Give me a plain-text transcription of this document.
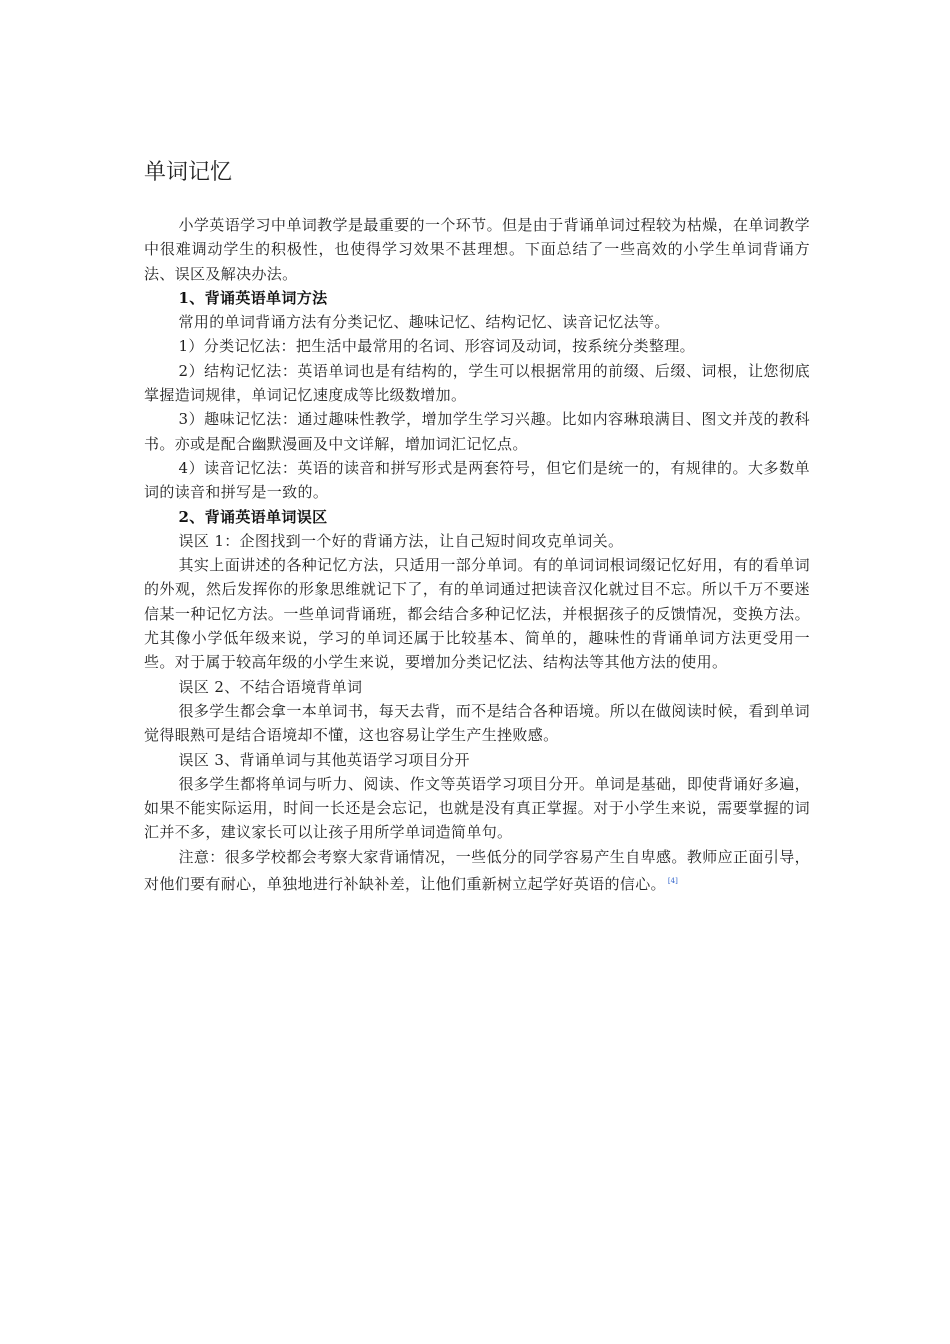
单词记忆

小学英语学习中单词教学是最重要的一个环节。但是由于背诵单词过程较为枯燥，在单词教学中很难调动学生的积极性，也使得学习效果不甚理想。下面总结了一些高效的小学生单词背诵方法、误区及解决办法。

1、背诵英语单词方法

常用的单词背诵方法有分类记忆、趣味记忆、结构记忆、读音记忆法等。

1）分类记忆法：把生活中最常用的名词、形容词及动词，按系统分类整理。

2）结构记忆法：英语单词也是有结构的，学生可以根据常用的前缀、后缀、词根，让您彻底掌握造词规律，单词记忆速度成等比级数增加。

3）趣味记忆法：通过趣味性教学，增加学生学习兴趣。比如内容琳琅满目、图文并茂的教科书。亦或是配合幽默漫画及中文详解，增加词汇记忆点。

4）读音记忆法：英语的读音和拼写形式是两套符号，但它们是统一的，有规律的。大多数单词的读音和拼写是一致的。

2、背诵英语单词误区

误区 1：企图找到一个好的背诵方法，让自己短时间攻克单词关。

其实上面讲述的各种记忆方法，只适用一部分单词。有的单词词根词缀记忆好用，有的看单词的外观，然后发挥你的形象思维就记下了，有的单词通过把读音汉化就过目不忘。所以千万不要迷信某一种记忆方法。一些单词背诵班，都会结合多种记忆法，并根据孩子的反馈情况，变换方法。尤其像小学低年级来说，学习的单词还属于比较基本、简单的，趣味性的背诵单词方法更受用一些。对于属于较高年级的小学生来说，要增加分类记忆法、结构法等其他方法的使用。

误区 2、不结合语境背单词

很多学生都会拿一本单词书，每天去背，而不是结合各种语境。所以在做阅读时候，看到单词觉得眼熟可是结合语境却不懂，这也容易让学生产生挫败感。

误区 3、背诵单词与其他英语学习项目分开

很多学生都将单词与听力、阅读、作文等英语学习项目分开。单词是基础，即使背诵好多遍，如果不能实际运用，时间一长还是会忘记，也就是没有真正掌握。对于小学生来说，需要掌握的词汇并不多，建议家长可以让孩子用所学单词造简单句。

注意：很多学校都会考察大家背诵情况，一些低分的同学容易产生自卑感。教师应正面引导，对他们要有耐心，单独地进行补缺补差，让他们重新树立起学好英语的信心。 [4]
